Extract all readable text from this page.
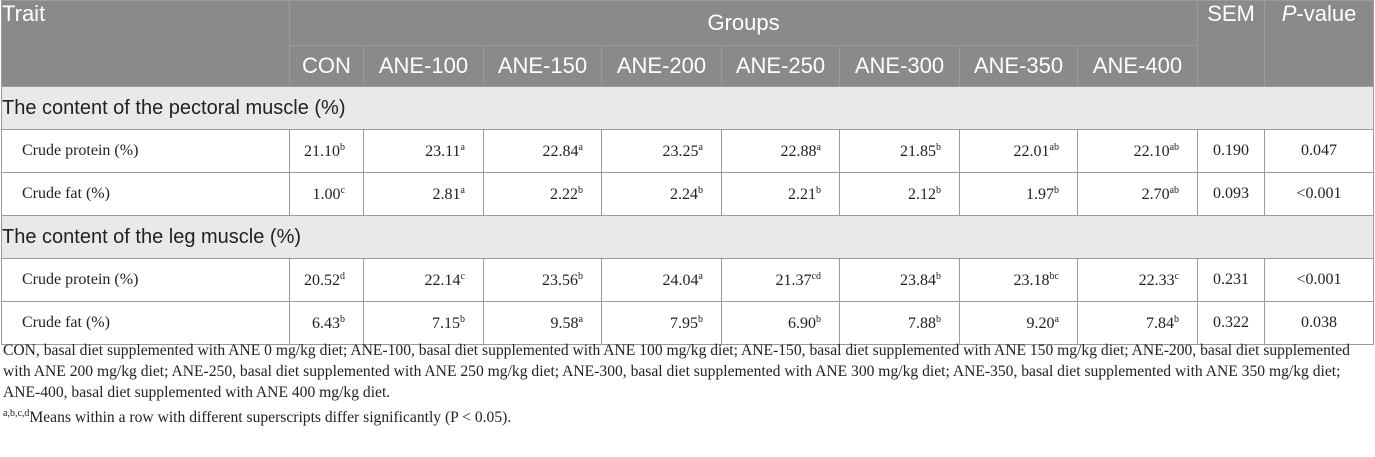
Trait	Groups								SEM	P-value
	CON	ANE-100	ANE-150	ANE-200	ANE-250	ANE-300	ANE-350	ANE-400		
The content of the pectoral muscle (%)										
Crude protein (%)	21.10$^b$	23.11$^a$	22.84$^a$	23.25$^a$	22.88$^a$	21.85$^b$	22.01$^{ab}$	22.10$^{ab}$	0.190	0.047
Crude fat (%)	1.00$^c$	2.81$^a$	2.22$^b$	2.24$^b$	2.21$^b$	2.12$^b$	1.97$^b$	2.70$^{ab}$	0.093	<0.001
The content of the leg muscle (%)										
Crude protein (%)	20.52$^d$	22.14$^c$	23.56$^b$	24.04$^a$	21.37$^{cd}$	23.84$^b$	23.18$^{bc}$	22.33$^c$	0.231	<0.001
Crude fat (%)	6.43$^b$	7.15$^b$	9.58$^a$	7.95$^b$	6.90$^b$	7.88$^b$	9.20$^a$	7.84$^b$	0.322	0.038

CON, basal diet supplemented with ANE 0 mg/kg diet; ANE-100, basal diet supplemented with ANE 100 mg/kg diet; ANE-150, basal diet supplemented with ANE 150 mg/kg diet; ANE-200, basal diet supplemented with ANE 200 mg/kg diet; ANE-250, basal diet supplemented with ANE 250 mg/kg diet; ANE-300, basal diet supplemented with ANE 300 mg/kg diet; ANE-350, basal diet supplemented with ANE 350 mg/kg diet; ANE-400, basal diet supplemented with ANE 400 mg/kg diet.

$^{a,b,c,d}$Means within a row with different superscripts differ significantly (P < 0.05).
